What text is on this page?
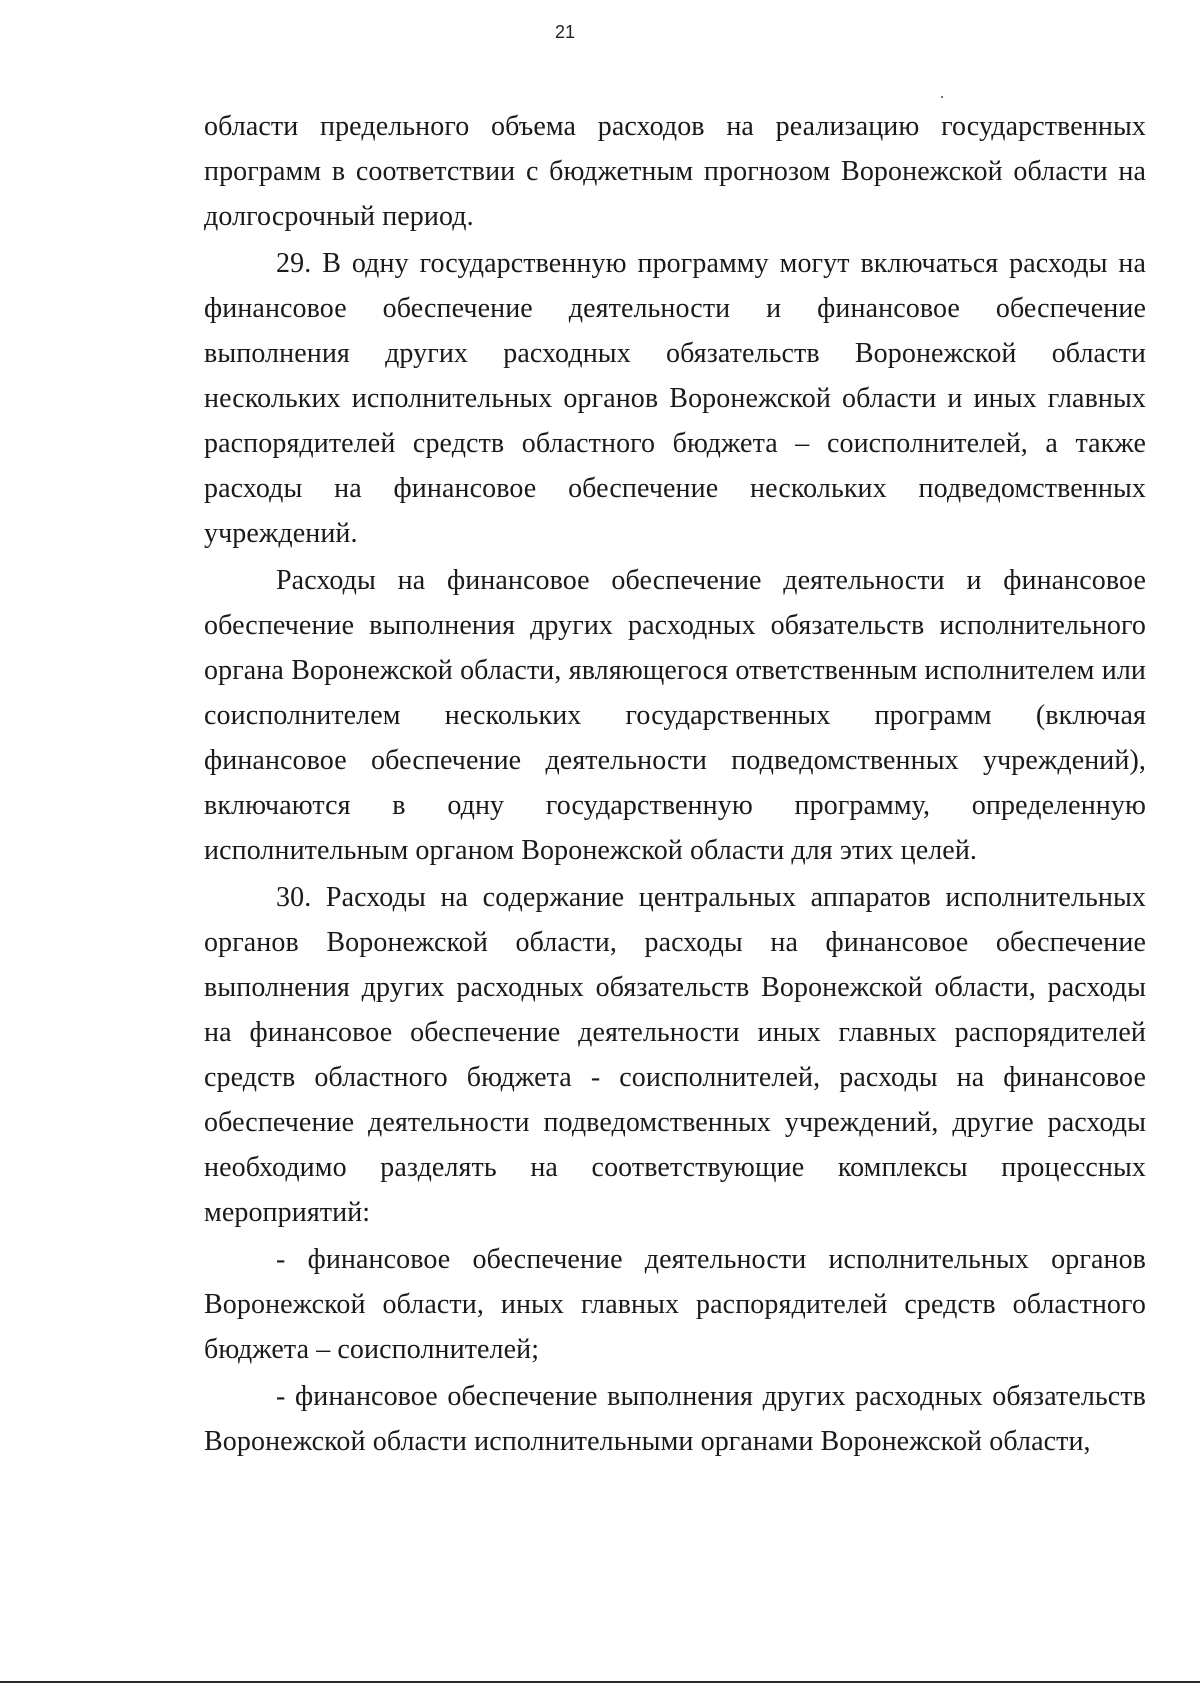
21

области предельного объема расходов на реализацию государственных программ в соответствии с бюджетным прогнозом Воронежской области на долгосрочный период.

29. В одну государственную программу могут включаться расходы на финансовое обеспечение деятельности и финансовое обеспечение выполнения других расходных обязательств Воронежской области нескольких исполнительных органов Воронежской области и иных главных распорядителей средств областного бюджета – соисполнителей, а также расходы на финансовое обеспечение нескольких подведомственных учреждений.

Расходы на финансовое обеспечение деятельности и финансовое обеспечение выполнения других расходных обязательств исполнительного органа Воронежской области, являющегося ответственным исполнителем или соисполнителем нескольких государственных программ (включая финансовое обеспечение деятельности подведомственных учреждений), включаются в одну государственную программу, определенную исполнительным органом Воронежской области для этих целей.

30. Расходы на содержание центральных аппаратов исполнительных органов Воронежской области, расходы на финансовое обеспечение выполнения других расходных обязательств Воронежской области, расходы на финансовое обеспечение деятельности иных главных распорядителей средств областного бюджета - соисполнителей, расходы на финансовое обеспечение деятельности подведомственных учреждений, другие расходы необходимо разделять на соответствующие комплексы процессных мероприятий:

- финансовое обеспечение деятельности исполнительных органов Воронежской области, иных главных распорядителей средств областного бюджета – соисполнителей;

- финансовое обеспечение выполнения других расходных обязательств Воронежской области исполнительными органами Воронежской области,
